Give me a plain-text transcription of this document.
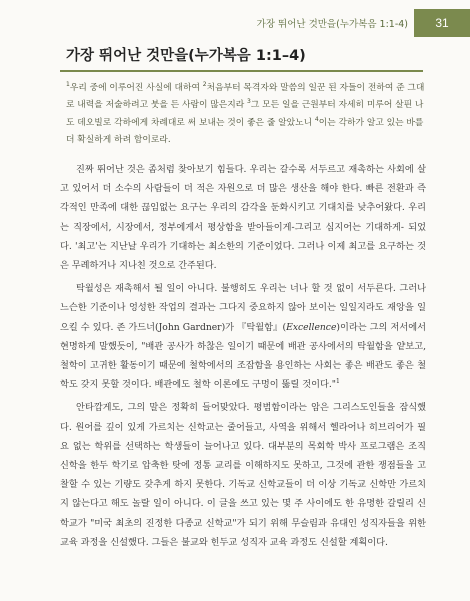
가장 뛰어난 것만을(누가복음 1:1-4)	31
가장 뛰어난 것만을(누가복음 1:1–4)
$^1$우리 중에 이루어진 사실에 대하여 $^2$처음부터 목격자와 말씀의 일꾼 된 자들이 전하여 준 그대로 내력을 저술하려고 붓을 든 사람이 많은지라 $^3$그 모든 일을 근원부터 자세히 미루어 살핀 나도 데오빌로 각하에게 차례대로 써 보내는 것이 좋은 줄 알았노니 $^4$이는 각하가 알고 있는 바를 더 확실하게 하려 함이로라.

진짜 뛰어난 것은 좀처럼 찾아보기 힘들다. 우리는 갈수록 서두르고 재촉하는 사회에 살고 있어서 더 소수의 사람들이 더 적은 자원으로 더 많은 생산을 해야 한다. 빠른 전환과 즉각적인 만족에 대한 끊임없는 요구는 우리의 감각을 둔화시키고 기대치를 낮추어왔다. 우리는 직장에서, 시장에서, 정부에게서 평상함을 받아들이게-그리고 심지어는 기대하게- 되었다. '최고'는 지난날 우리가 기대하는 최소한의 기준이었다. 그러나 이제 최고를 요구하는 것은 무례하거나 지나친 것으로 간주된다.

탁월성은 재촉해서 될 일이 아니다. 불행히도 우리는 너나 할 것 없이 서두른다. 그러나 느슨한 기준이나 엉성한 작업의 결과는 그다지 중요하지 않아 보이는 일일지라도 재앙을 일으킬 수 있다. 존 가드너(John Gardner)가 『탁월함』(Excellence)이라는 그의 저서에서 현명하게 말했듯이, "배관 공사가 하찮은 일이기 때문에 배관 공사에서의 탁월함을 얕보고, 철학이 고귀한 활동이기 때문에 철학에서의 조잡함을 용인하는 사회는 좋은 배관도 좋은 철학도 갖지 못할 것이다. 배관에도 철학 이론에도 구멍이 뚫릴 것이다."$^1$

안타깝게도, 그의 말은 정확히 들어맞았다. 평범함이라는 암은 그리스도인들을 잠식했다. 원어를 깊이 있게 가르치는 신학교는 줄어들고, 사역을 위해서 헬라어나 히브리어가 필요 없는 학위를 선택하는 학생들이 늘어나고 있다. 대부분의 목회학 박사 프로그램은 조직 신학을 한두 학기로 압축한 탓에 정통 교리를 이해하지도 못하고, 그것에 관한 쟁점들을 고찰할 수 있는 기량도 갖추게 하지 못한다. 기독교 신학교들이 더 이상 기독교 신학만 가르치지 않는다고 해도 놀랄 일이 아니다. 이 글을 쓰고 있는 몇 주 사이에도 한 유명한 갈릴리 신학교가 "미국 최초의 진정한 다종교 신학교"가 되기 위해 무슬림과 유대인 성직자들을 위한 교육 과정을 신설했다. 그들은 불교와 힌두교 성직자 교육 과정도 신설할 계획이다.
